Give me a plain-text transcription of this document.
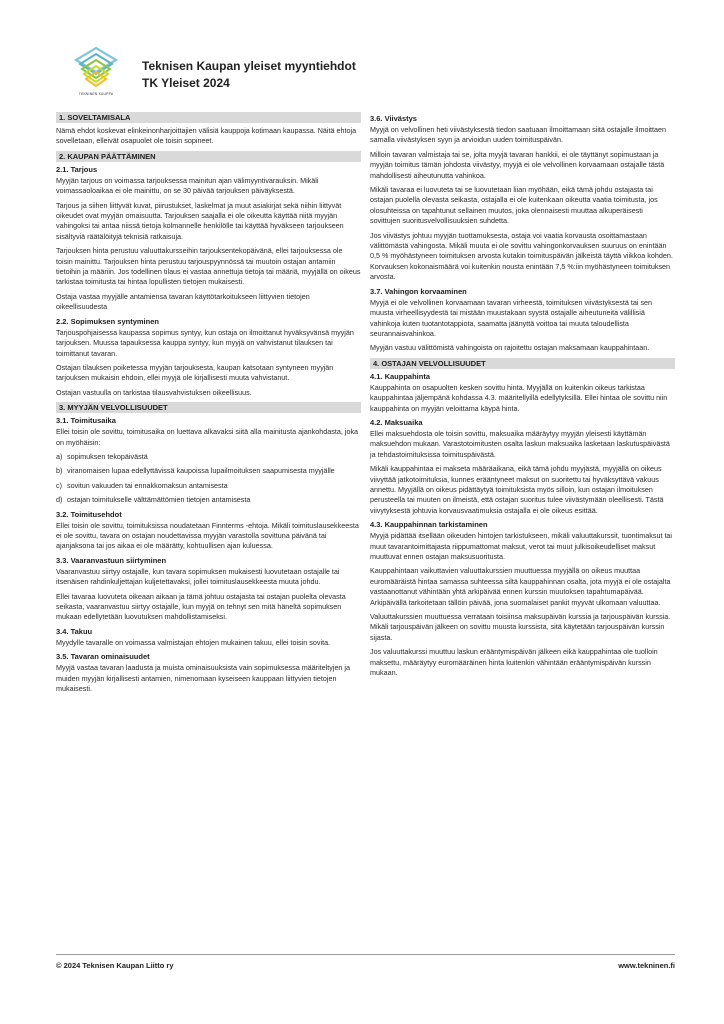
TEKNINEN KAUPPA
Teknisen Kaupan yleiset myyntiehdot
TK Yleiset 2024
1. SOVELTAMISALA
Nämä ehdot koskevat elinkeinonharjoittajien välisiä kauppoja kotimaan kaupassa. Näitä ehtoja sovelletaan, elleivät osapuolet ole toisin sopineet.
2. KAUPAN PÄÄTTÄMINEN
2.1. Tarjous
Myyjän tarjous on voimassa tarjouksessa mainitun ajan välimyyntivarauksin. Mikäli voimassaoloaikaa ei ole mainittu, on se 30 päivää tarjouksen päiväyksestä.
Tarjous ja siihen liittyvät kuvat, piirustukset, laskelmat ja muut asiakirjat sekä niihin liittyvät oikeudet ovat myyjän omaisuutta. Tarjouksen saajalla ei ole oikeutta käyttää niitä myyjän vahingoksi tai antaa niissä tietoja kolmannelle henkilölle tai käyttää hyväkseen tarjoukseen sisältyviä räätälöityjä teknisiä ratkaisuja.
Tarjouksen hinta perustuu valuuttakursseihin tarjouksentekopäivänä, ellei tarjouksessa ole toisin mainittu. Tarjouksen hinta perustuu tarjouspyynnössä tai muutoin ostajan antamiin tietoihin ja määriin. Jos todellinen tilaus ei vastaa annettuja tietoja tai määriä, myyjällä on oikeus tarkistaa toimitusta tai hintaa lopullisten tietojen mukaisesti.
Ostaja vastaa myyjälle antamiensa tavaran käyttötarkoitukseen liittyvien tietojen oikeellisuudesta
2.2. Sopimuksen syntyminen
Tarjouspohjaisessa kaupassa sopimus syntyy, kun ostaja on ilmoittanut hyväksyvänsä myyjän tarjouksen. Muussa tapauksessa kauppa syntyy, kun myyjä on vahvistanut tilauksen tai toimittanut tavaran.
Ostajan tilauksen poiketessa myyjän tarjouksesta, kaupan katsotaan syntyneen myyjän tarjouksen mukaisin ehdoin, ellei myyjä ole kirjallisesti muuta vahvistanut.
Ostajan vastuulla on tarkistaa tilausvahvistuksen oikeellisuus.
3. MYYJÄN VELVOLLISUUDET
3.1. Toimitusaika
Ellei toisin ole sovittu, toimitusaika on luettava alkavaksi siitä alla mainitusta ajankohdasta, joka on myöhäisin:
a) sopimuksen tekopäivästä
b) viranomaisen lupaa edellyttävissä kaupoissa lupailmoituksen saapumisesta myyjälle
c) sovitun vakuuden tai ennakkomaksun antamisesta
d) ostajan toimitukselle välttämättömien tietojen antamisesta
3.2. Toimitusehdot
Ellei toisin ole sovittu, toimituksissa noudatetaan Finnterms -ehtoja. Mikäli toimituslausekkeesta ei ole sovittu, tavara on ostajan noudettavissa myyjän varastolla sovittuna päivänä tai ajanjaksona tai jos aikaa ei ole määrätty, kohtuullisen ajan kuluessa.
3.3. Vaaranvastuun siirtyminen
Vaaranvastuu siirtyy ostajalle, kun tavara sopimuksen mukaisesti luovutetaan ostajalle tai itsenäisen rahdinkuljettajan kuljetettavaksi, jollei toimituslausekkeesta muuta johdu.
Ellei tavaraa luovuteta oikeaan aikaan ja tämä johtuu ostajasta tai ostajan puolelta olevasta seikasta, vaaranvastuu siirtyy ostajalle, kun myyjä on tehnyt sen mitä häneltä sopimuksen mukaan edellytetään luovutuksen mahdollistamiseksi.
3.4. Takuu
Myydylle tavaralle on voimassa valmistajan ehtojen mukainen takuu, ellei toisin sovita.
3.5. Tavaran ominaisuudet
Myyjä vastaa tavaran laadusta ja muista ominaisuuksista vain sopimuksessa määriteltyjen ja muiden myyjän kirjallisesti antamien, nimenomaan kyseiseen kauppaan liittyvien tietojen mukaisesti.
3.6. Viivästys
Myyjä on velvollinen heti viivästyksestä tiedon saatuaan ilmoittamaan siitä ostajalle ilmoittaen samalla viivästyksen syyn ja arvioidun uuden toimituspäivän.
Milloin tavaran valmistaja tai se, jolta myyjä tavaran hankkii, ei ole täyttänyt sopimustaan ja myyjän toimitus tämän johdosta viivästyy, myyjä ei ole velvollinen korvaamaan ostajalle tästä mahdollisesti aiheutunutta vahinkoa.
Mikäli tavaraa ei luovuteta tai se luovutetaan liian myöhään, eikä tämä johdu ostajasta tai ostajan puolella olevasta seikasta, ostajalla ei ole kuitenkaan oikeutta vaatia toimitusta, jos olosuhteissa on tapahtunut sellainen muutos, joka olennaisesti muuttaa alkuperäisesti sovittujen suoritusvelvollisuuksien suhdetta.
Jos viivästys johtuu myyjän tuottamuksesta, ostaja voi vaatia korvausta osoittamastaan välittömästä vahingosta. Mikäli muuta ei ole sovittu vahingonkorvauksen suuruus on enintään 0,5 % myöhästyneen toimituksen arvosta kutakin toimituspäivän jälkeistä täyttä viikkoa kohden. Korvauksen kokonaismäärä voi kuitenkin nousta enintään 7,5 %:iin myöhästyneen toimituksen arvosta.
3.7. Vahingon korvaaminen
Myyjä ei ole velvollinen korvaamaan tavaran virheestä, toimituksen viivästyksestä tai sen muusta virheellisyydestä tai mistään muustakaan syystä ostajalle aiheutuneita välillisiä vahinkoja kuten tuotantotappiota, saamatta jäänyttä voittoa tai muuta taloudellista seurannaisvahinkoa.
Myyjän vastuu välittömistä vahingoista on rajoitettu ostajan maksamaan kauppahintaan.
4. OSTAJAN VELVOLLISUUDET
4.1. Kauppahinta
Kauppahinta on osapuolten kesken sovittu hinta. Myyjällä on kuitenkin oikeus tarkistaa kauppahintaa jäljempänä kohdassa 4.3. määritellyillä edellytyksillä. Ellei hintaa ole sovittu niin kauppahinta on myyjän veloittama käypä hinta.
4.2. Maksuaika
Ellei maksuehdosta ole toisin sovittu, maksuaika määräytyy myyjän yleisesti käyttämän maksuehdon mukaan. Varastotoimitusten osalta laskun maksuaika lasketaan laskutuspäivästä ja tehdastoimituksissa toimituspäivästä.
Mikäli kauppahintaa ei makseta määräaikana, eikä tämä johdu myyjästä, myyjällä on oikeus viivyttää jatkotoimituksia, kunnes erääntyneet maksut on suoritettu tai hyväksyttävä vakuus annettu. Myyjällä on oikeus pidättäytyä toimituksista myös silloin, kun ostajan ilmoituksen perusteella tai muuten on ilmeistä, että ostajan suoritus tulee viivästymään oleellisesti. Tästä viivytyksestä johtuvia korvausvaatimuksia ostajalla ei ole oikeus esittää.
4.3. Kauppahinnan tarkistaminen
Myyjä pidättää itsellään oikeuden hintojen tarkistukseen, mikäli valuuttakurssit, tuontimaksut tai muut tavarantoimittajasta riippumattomat maksut, verot tai muut julkisoikeudelliset maksut muuttuvat ennen ostajan maksusuoritusta.
Kauppahintaan vaikuttavien valuuttakurssien muuttuessa myyjällä on oikeus muuttaa euromääräistä hintaa samassa suhteessa siltä kauppahinnan osalta, jota myyjä ei ole ostajalta vastaanottanut vähintään yhtä arkipäivää ennen kurssin muutoksen tapahtumapäivää. Arkipäivällä tarkoitetaan tällöin päivää, jona suomalaiset pankit myyvät ulkomaan valuuttaa.
Valuuttakurssien muuttuessa verrataan toisiinsa maksupäivän kurssia ja tarjouspäivän kurssia. Mikäli tarjouspäivän jälkeen on sovittu muusta kurssista, sitä käytetään tarjouspäivän kurssin sijasta.
Jos valuuttakurssi muuttuu laskun erääntymispäivän jälkeen eikä kauppahintaa ole tuolloin maksettu, määräytyy euromääräinen hinta kuitenkin vähintään erääntymispäivän kurssin mukaan.
© 2024 Teknisen Kaupan Liitto ry	www.tekninen.fi
